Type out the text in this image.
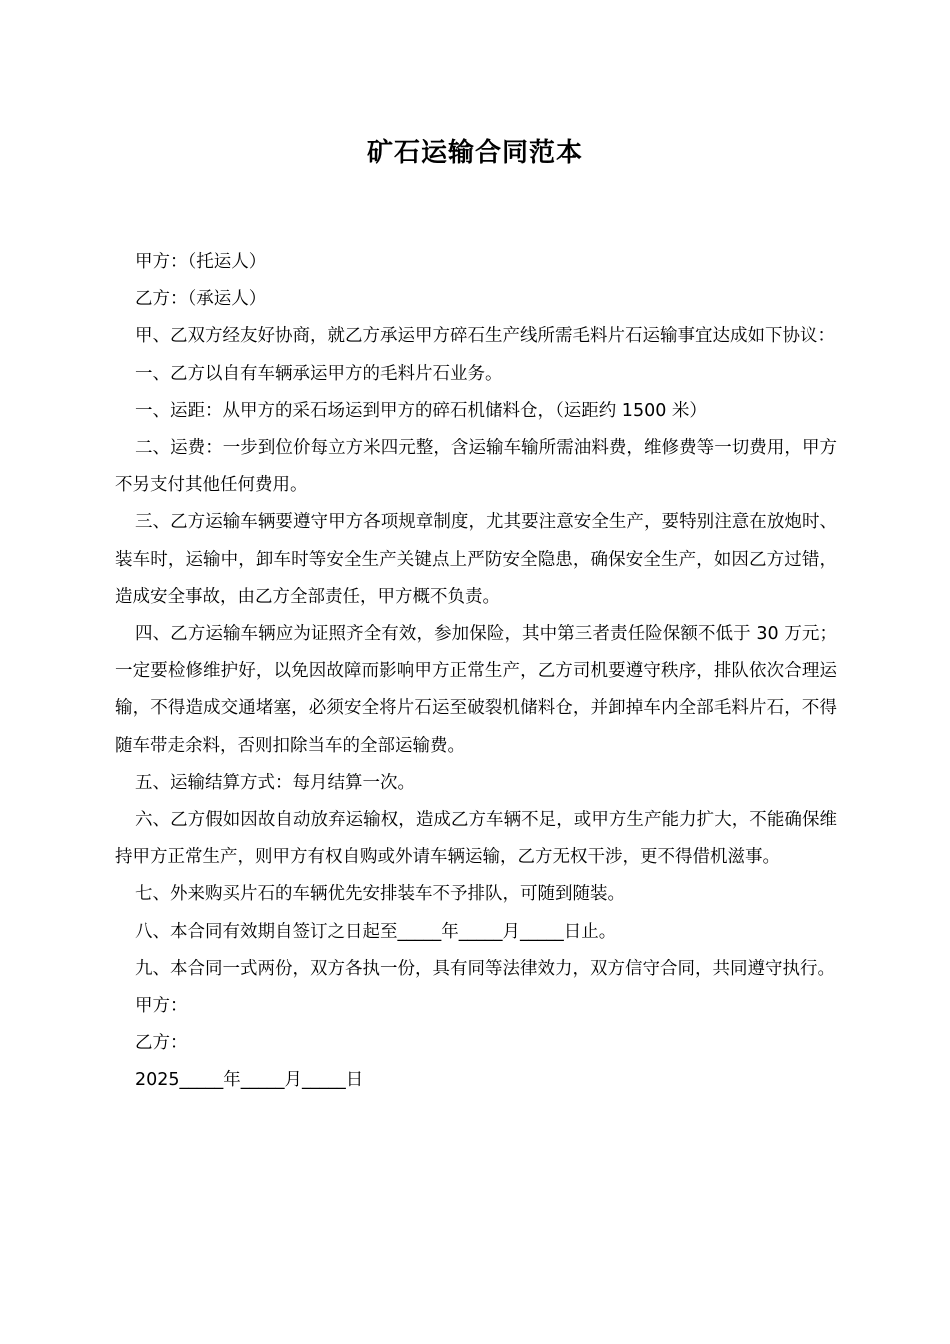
矿石运输合同范本

甲方：（托运人）

乙方：（承运人）

甲、乙双方经友好协商，就乙方承运甲方碎石生产线所需毛料片石运输事宜达成如下协议：

一、乙方以自有车辆承运甲方的毛料片石业务。

一、运距：从甲方的采石场运到甲方的碎石机储料仓，（运距约 1500 米）

二、运费：一步到位价每立方米四元整，含运输车输所需油料费，维修费等一切费用，甲方不另支付其他任何费用。

三、乙方运输车辆要遵守甲方各项规章制度，尤其要注意安全生产，要特别注意在放炮时、装车时，运输中，卸车时等安全生产关键点上严防安全隐患，确保安全生产，如因乙方过错，造成安全事故，由乙方全部责任，甲方概不负责。

四、乙方运输车辆应为证照齐全有效，参加保险，其中第三者责任险保额不低于 30 万元；一定要检修维护好，以免因故障而影响甲方正常生产，乙方司机要遵守秩序，排队依次合理运输，不得造成交通堵塞，必须安全将片石运至破裂机储料仓，并卸掉车内全部毛料片石，不得随车带走余料，否则扣除当车的全部运输费。

五、运输结算方式：每月结算一次。

六、乙方假如因故自动放弃运输权，造成乙方车辆不足，或甲方生产能力扩大，不能确保维持甲方正常生产，则甲方有权自购或外请车辆运输，乙方无权干涉，更不得借机滋事。

七、外来购买片石的车辆优先安排装车不予排队，可随到随装。

八、本合同有效期自签订之日起至_____年_____月_____日止。

九、本合同一式两份，双方各执一份，具有同等法律效力，双方信守合同，共同遵守执行。

甲方：

乙方：

2025_____年_____月_____日
